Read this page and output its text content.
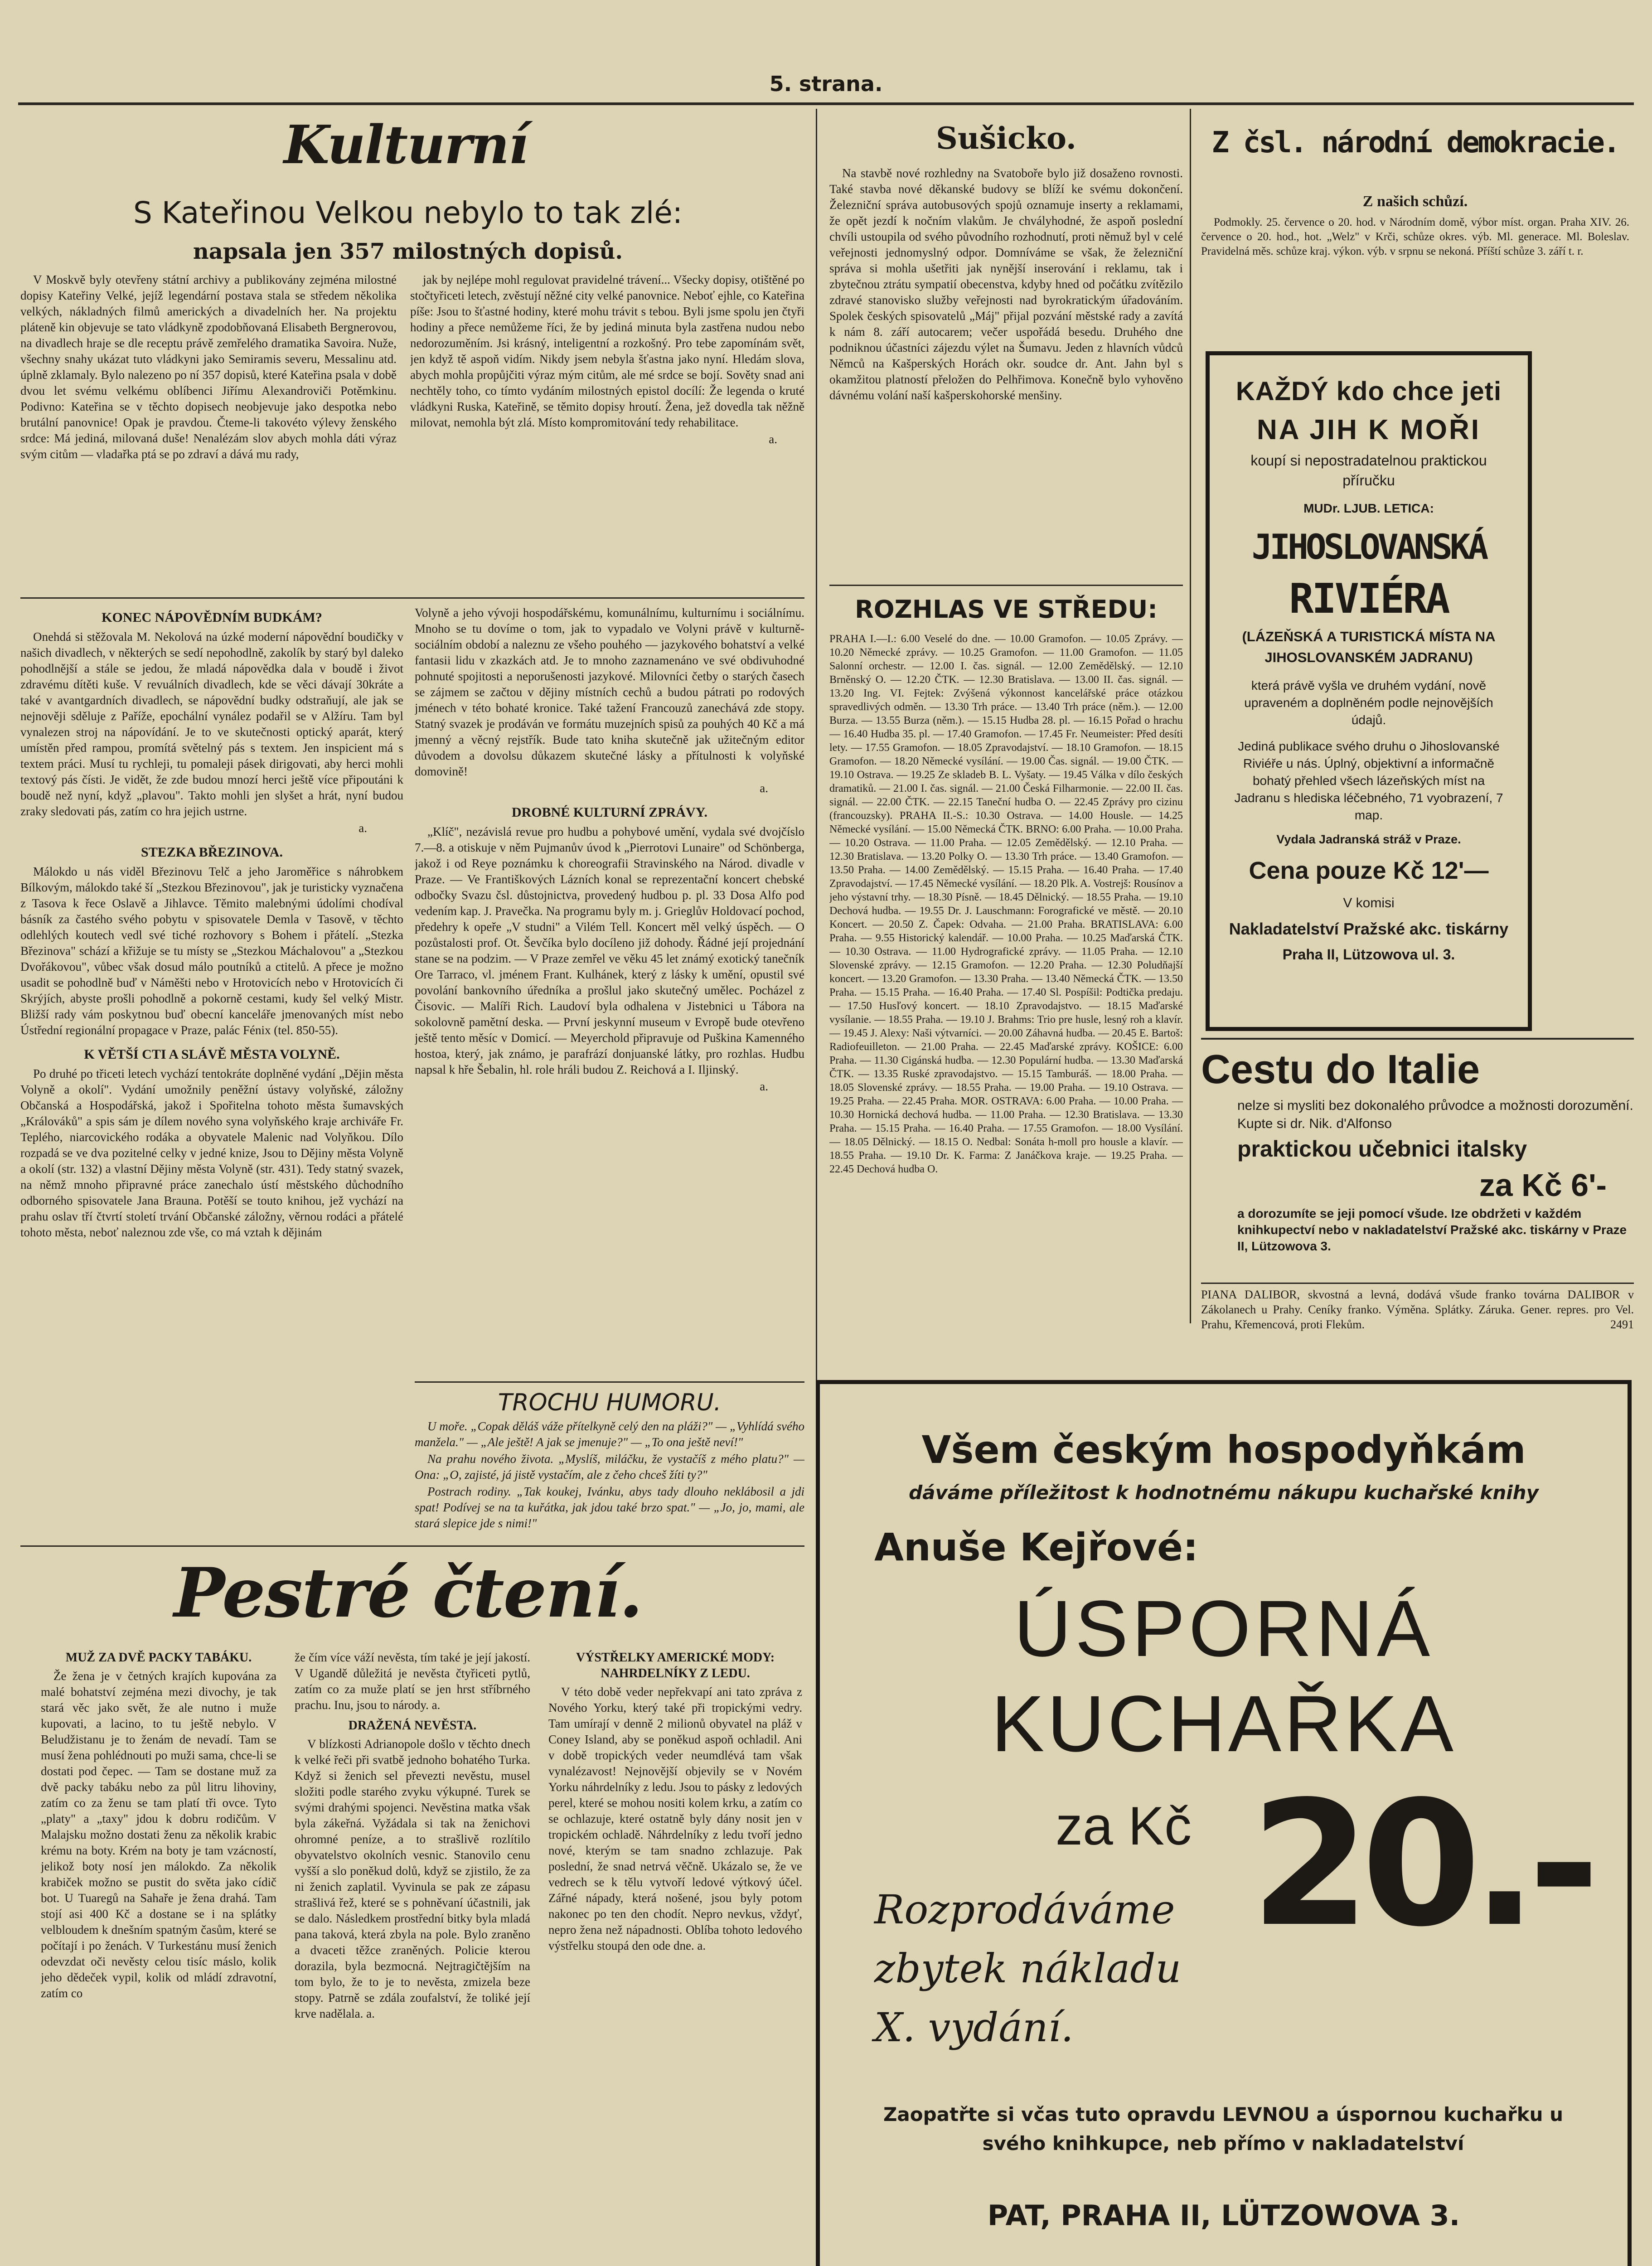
5. strana.
Kulturní
S Kateřinou Velkou nebylo to tak zlé:
napsala jen 357 milostných dopisů.

V Moskvě byly otevřeny státní archivy a publikovány zejména milostné dopisy Kateřiny Velké, jejíž legendární postava stala se středem několika velkých, nákladných filmů amerických a divadelních her. Na projektu pláteně kin objevuje se tato vládkyně zpodobňovaná Elisabeth Bergnerovou, na divadlech hraje se dle receptu právě zemřelého dramatika Savoira. Nuže, všechny snahy ukázat tuto vládkyni jako Semiramis severu, Messalinu atd. úplně zklamaly. Bylo nalezeno po ní 357 dopisů, které Kateřina psala v době dvou let svému velkému oblíbenci Jiřímu Alexandroviči Potěmkinu. Podivno: Kateřina se v těchto dopisech neobjevuje jako despotka nebo brutální panovnice! Opak je pravdou. Čteme-li takovéto výlevy ženského srdce: Má jediná, milovaná duše! Nenalézám slov abych mohla dáti výraz svým citům — vladařka ptá se po zdraví a dává mu rady,

jak by nejlépe mohl regulovat pravidelné trávení... Všecky dopisy, otištěné po stočtyřiceti letech, zvěstují něžné city velké panovnice. Neboť ejhle, co Kateřina píše: Jsou to šťastné hodiny, které mohu trávit s tebou. Byli jsme spolu jen čtyři hodiny a přece nemůžeme říci, že by jediná minuta byla zastřena nudou nebo nedorozuměním. Jsi krásný, inteligentní a rozkošný. Pro tebe zapomínám svět, jen když tě aspoň vidím. Nikdy jsem nebyla šťastna jako nyní. Hledám slova, abych mohla propůjčiti výraz mým citům, ale mé srdce se bojí. Sověty snad ani nechtěly toho, co tímto vydáním milostných epistol docílí: Že legenda o kruté vládkyni Ruska, Kateřině, se těmito dopisy hroutí. Žena, jež dovedla tak něžně milovat, nemohla být zlá. Místo kompromitování tedy rehabilitace.

a.
KONEC NÁPOVĚDNÍM BUDKÁM?

Onehdá si stěžovala M. Nekolová na úzké moderní nápovědní boudičky v našich divadlech, v některých se sedí nepohodlně, zakolík by starý byl daleko pohodlnější a stále se jedou, že mladá nápovědka dala v boudě i život zdravému dítěti kuše. V revuálních divadlech, kde se věci dávají 30kráte a také v avantgardních divadlech, se nápovědní budky odstraňují, ale jak se nejnověji sděluje z Paříže, epochální vynález podařil se v Alžíru. Tam byl vynalezen stroj na nápovídání. Je to ve skutečnosti optický aparát, který umístěn před rampou, promítá světelný pás s textem. Jen inspicient má s textem práci. Musí tu rychleji, tu pomaleji pásek dirigovati, aby herci mohli textový pás čísti. Je vidět, že zde budou mnozí herci ještě více připoutáni k boudě než nyní, když „plavou". Takto mohli jen slyšet a hrát, nyní budou zraky sledovati pás, zatím co hra jejich ustrne.

a.
STEZKA BŘEZINOVA.

Málokdo u nás viděl Březinovu Telč a jeho Jaroměřice s náhrobkem Bílkovým, málokdo také ší „Stezkou Březinovou", jak je turisticky vyznačena z Tasova k řece Oslavě a Jihlavce. Těmito malebnými údolími chodíval básník za častého svého pobytu v spisovatele Demla v Tasově, v těchto odlehlých koutech vedl své tiché rozhovory s Bohem i přátelí. „Stezka Březinova" schází a křižuje se tu místy se „Stezkou Máchalovou" a „Stezkou Dvořákovou", vůbec však dosud málo poutníků a ctitelů. A přece je možno usadit se pohodlně buď v Náměšti nebo v Hrotovicích nebo v Hrotovicích či Skrýjích, abyste prošli pohodlně a pokorně cestami, kudy šel velký Mistr. Bližší rady vám poskytnou buď obecní kanceláře jmenovaných míst nebo Ústřední regionální propagace v Praze, palác Fénix (tel. 850-55).

K VĚTŠÍ CTI A SLÁVĚ MĚSTA VOLYNĚ.

Po druhé po třiceti letech vychází tentokráte doplněné vydání „Dějin města Volyně a okolí". Vydání umožnily peněžní ústavy volyňské, záložny Občanská a Hospodářská, jakož i Spořitelna tohoto města šumavských „Králováků" a spis sám je dílem nového syna volyňského kraje archiváře Fr. Teplého, niarcovického rodáka a obyvatele Malenic nad Volyňkou. Dílo rozpadá se ve dva pozitelné celky v jedné knize, Jsou to Dějiny města Volyně a okolí (str. 132) a vlastní Dějiny města Volyně (str. 431). Tedy statný svazek, na němž mnoho připravné práce zanechalo ústí městského důchodního odborného spisovatele Jana Brauna. Potěší se touto knihou, jež vychází na prahu oslav tří čtvrtí století trvání Občanské záložny, věrnou rodáci a přátelé tohoto města, neboť naleznou zde vše, co má vztah k dějinám

Volyně a jeho vývoji hospodářskému, komunálnímu, kulturnímu i sociálnímu. Mnoho se tu dovíme o tom, jak to vypadalo ve Volyni právě v kulturně-sociálním období a naleznu ze všeho pouhého — jazykového bohatství a velké fantasii lidu v zkazkách atd. Je to mnoho zaznamenáno ve své obdivuhodné pohnuté spojitosti a neporušenosti jazykové. Milovníci četby o starých časech se zájmem se začtou v dějiny místních cechů a budou pátrati po rodových jménech v této bohaté kronice. Také tažení Francouzů zanechává zde stopy. Statný svazek je prodáván ve formátu muzejních spisů za pouhých 40 Kč a má jmenný a věcný rejstřík. Bude tato kniha skutečně jak užitečným editor důvodem a dovolsu důkazem skutečné lásky a přítulnosti k volyňské domovině!

a.
DROBNÉ KULTURNÍ ZPRÁVY.

„Klíč", nezávislá revue pro hudbu a pohybové umění, vydala své dvojčíslo 7.—8. a otiskuje v něm Pujmanův úvod k „Pierrotovi Lunaire" od Schönberga, jakož i od Reye poznámku k choreografii Stravinského na Národ. divadle v Praze. — Ve Františkových Lázních konal se reprezentační koncert chebské odbočky Svazu čsl. důstojnictva, provedený hudbou p. pl. 33 Dosa Alfo pod vedením kap. J. Pravečka. Na programu byly m. j. Grieglův Holdovací pochod, předehry k opeře „V studni" a Vilém Tell. Koncert měl velký úspěch. — O pozůstalosti prof. Ot. Ševčíka bylo docíleno již dohody. Řádné její projednání stane se na podzim. — V Praze zemřel ve věku 45 let známý exotický tanečník Ore Tarraco, vl. jménem Frant. Kulhánek, který z lásky k umění, opustil své povolání bankovního úředníka a prošlul jako skutečný umělec. Pocházel z Čisovic. — Malíři Rich. Laudoví byla odhalena v Jistebnici u Tábora na sokolovně pamětní deska. — První jeskynní museum v Evropě bude otevřeno ještě tento měsíc v Domicí. — Meyerchold připravuje od Puškina Kamenného hostoa, který, jak známo, je parafrází donjuanské látky, pro rozhlas. Hudbu napsal k hře Šebalin, hl. role hráli budou Z. Reichová a I. Iljinský.

a.
TROCHU HUMORU.

U moře. „Copak děláš váže přítelkyně celý den na pláži?" — „Vyhlídá svého manžela." — „Ale ještě! A jak se jmenuje?" — „To ona ještě neví!"

Na prahu nového života. „Myslíš, miláčku, že vystačíš z mého platu?" — Ona: „O, zajisté, já jistě vystačím, ale z čeho chceš žíti ty?"

Postrach rodiny. „Tak koukej, Ivánku, abys tady dlouho neklábosil a jdi spat! Podívej se na ta kuřátka, jak jdou také brzo spat." — „Jo, jo, mami, ale stará slepice jde s nimi!"

Pestré čtení.
MUŽ ZA DVĚ PACKY TABÁKU.

Že žena je v četných krajích kupována za malé bohatství zejména mezi divochy, je tak stará věc jako svět, že ale nutno i muže kupovati, a lacino, to tu ještě nebylo. V Beludžistanu je to ženám de nevadí. Tam se musí žena pohlédnouti po muži sama, chce-li se dostati pod čepec. — Tam se dostane muž za dvě packy tabáku nebo za půl litru lihoviny, zatím co za ženu se tam platí tři ovce. Tyto „platy" a „taxy" jdou k dobru rodičům. V Malajsku možno dostati ženu za několik krabic krému na boty. Krém na boty je tam vzácností, jelikož boty nosí jen málokdo. Za několik krabiček možno se pustit do světa jako cídič bot. U Tuaregů na Sahaře je žena drahá. Tam stojí asi 400 Kč a dostane se i na splátky velbloudem k dnešním spatným časům, které se počítají i po ženách. V Turkestánu musí ženich odevzdat oči nevěsty celou tisíc máslo, kolik jeho dědeček vypil, kolik od mládí zdravotní, zatím co

že čím více váží nevěsta, tím také je její jakostí. V Ugandě důležitá je nevěsta čtyřiceti pytlů, zatím co za muže platí se jen hrst stříbrného prachu. Inu, jsou to národy. a.

DRAŽENÁ NEVĚSTA.

V blízkosti Adrianopole došlo v těchto dnech k velké řeči při svatbě jednoho bohatého Turka. Když si ženich sel převezti nevěstu, musel složiti podle starého zvyku výkupné. Turek se svými drahými spojenci. Nevěstina matka však byla zákeřná. Vyžádala si tak na ženichovi ohromné peníze, a to strašlivě rozlítilo obyvatelstvo okolních vesnic. Stanovilo cenu vyšší a slo poněkud dolů, když se zjistilo, že za ni ženich zaplatil. Vyvinula se pak ze zápasu strašlivá řež, které se s pohněvaní účastnili, jak se dalo. Následkem prostřední bitky byla mladá pana taková, která zbyla na pole. Bylo zraněno a dvaceti těžce zraněných. Policie kterou dorazila, byla bezmocná. Nejtragičtějším na tom bylo, že to je to nevěsta, zmizela beze stopy. Patrně se zdála zoufalství, že toliké její krve nadělala. a.

VÝSTŘELKY AMERICKÉ MODY: NAHRDELNÍKY Z LEDU.

V této době veder nepřekvapí ani tato zpráva z Nového Yorku, který také při tropickými vedry. Tam umírají v denně 2 milionů obyvatel na pláž v Coney Island, aby se poněkud aspoň ochladil. Ani v době tropických veder neumdlévá tam však vynalézavost! Nejnovější objevily se v Novém Yorku náhrdelníky z ledu. Jsou to pásky z ledových perel, které se mohou nositi kolem krku, a zatím co se ochlazuje, které ostatně byly dány nosit jen v tropickém ochladě. Náhrdelníky z ledu tvoří jedno nové, kterým se tam snadno zchlazuje. Pak poslední, že snad netrvá věčně. Ukázalo se, že ve vedrech se k tělu vytvoří ledové výtkový účel. Zářné nápady, která nošené, jsou byly potom nakonec po ten den chodít. Nepro nevkus, vždyť, nepro žena než nápadnosti. Oblíba tohoto ledového výstřelku stoupá den ode dne. a.

Sušicko.

Na stavbě nové rozhledny na Svatoboře bylo již dosaženo rovnosti. Také stavba nové děkanské budovy se blíží ke svému dokončení. Železniční správa autobusových spojů oznamuje inserty a reklamami, že opět jezdí k nočním vlakům. Je chvályhodné, že aspoň poslední chvíli ustoupila od svého původního rozhodnutí, proti němuž byl v celé veřejnosti jednomyslný odpor. Domníváme se však, že železniční správa si mohla ušetřiti jak nynější inserování i reklamu, tak i zbytečnou ztrátu sympatií obecenstva, kdyby hned od počátku zvítězilo zdravé stanovisko služby veřejnosti nad byrokratickým úřadováním. Spolek českých spisovatelů „Máj" přijal pozvání městské rady a zavítá k nám 8. září autocarem; večer uspořádá besedu. Druhého dne podniknou účastníci zájezdu výlet na Šumavu. Jeden z hlavních vůdců Němců na Kašperských Horách okr. soudce dr. Ant. Jahn byl s okamžitou platností přeložen do Pelhřimova. Konečně bylo vyhověno dávnému volání naší kašperskohorské menšiny.

ROZHLAS VE STŘEDU:

PRAHA I.—I.: 6.00 Veselé do dne. — 10.00 Gramofon. — 10.05 Zprávy. — 10.20 Německé zprávy. — 10.25 Gramofon. — 11.00 Gramofon. — 11.05 Salonní orchestr. — 12.00 I. čas. signál. — 12.00 Zemědělský. — 12.10 Brněnský O. — 12.20 ČTK. — 12.30 Bratislava. — 13.00 II. čas. signál. — 13.20 Ing. VI. Fejtek: Zvýšená výkonnost kancelářské práce otázkou spravedlivých odměn. — 13.30 Trh práce. — 13.40 Trh práce (něm.). — 12.00 Burza. — 13.55 Burza (něm.). — 15.15 Hudba 28. pl. — 16.15 Pořad o hrachu — 16.40 Hudba 35. pl. — 17.40 Gramofon. — 17.45 Fr. Neumeister: Před desíti lety. — 17.55 Gramofon. — 18.05 Zpravodajství. — 18.10 Gramofon. — 18.15 Gramofon. — 18.20 Německé vysílání. — 19.00 Čas. signál. — 19.00 ČTK. — 19.10 Ostrava. — 19.25 Ze skladeb B. L. Vyšaty. — 19.45 Válka v dílo českých dramatiků. — 21.00 I. čas. signál. — 21.00 Česká Filharmonie. — 22.00 II. čas. signál. — 22.00 ČTK. — 22.15 Taneční hudba O. — 22.45 Zprávy pro cizinu (francouzsky). PRAHA II.-S.: 10.30 Ostrava. — 14.00 Housle. — 14.25 Německé vysílání. — 15.00 Německá ČTK. BRNO: 6.00 Praha. — 10.00 Praha. — 10.20 Ostrava. — 11.00 Praha. — 12.05 Zemědělský. — 12.10 Praha. — 12.30 Bratislava. — 13.20 Polky O. — 13.30 Trh práce. — 13.40 Gramofon. — 13.50 Praha. — 14.00 Zemědělský. — 15.15 Praha. — 16.40 Praha. — 17.40 Zpravodajství. — 17.45 Německé vysílání. — 18.20 Plk. A. Vostrejš: Rousínov a jeho výstavní trhy. — 18.30 Písně. — 18.45 Dělnický. — 18.55 Praha. — 19.10 Dechová hudba. — 19.55 Dr. J. Lauschmann: Forografické ve městě. — 20.10 Koncert. — 20.50 Z. Čapek: Odvaha. — 21.00 Praha. BRATISLAVA: 6.00 Praha. — 9.55 Historický kalendář. — 10.00 Praha. — 10.25 Maďarská ČTK. — 10.30 Ostrava. — 11.00 Hydrografické zprávy. — 11.05 Praha. — 12.10 Slovenské zprávy. — 12.15 Gramofon. — 12.20 Praha. — 12.30 Poludňajší koncert. — 13.20 Gramofon. — 13.30 Praha. — 13.40 Německá ČTK. — 13.50 Praha. — 15.15 Praha. — 16.40 Praha. — 17.40 Sl. Pospíšil: Podtička predaju. — 17.50 Husľový koncert. — 18.10 Zpravodajstvo. — 18.15 Maďarské vysílanie. — 18.55 Praha. — 19.10 J. Brahms: Trio pre husle, lesný roh a klavír. — 19.45 J. Alexy: Naši výtvarníci. — 20.00 Záhavná hudba. — 20.45 E. Bartoš: Radiofeuilleton. — 21.00 Praha. — 22.45 Maďarské zprávy. KOŠICE: 6.00 Praha. — 11.30 Cigánská hudba. — 12.30 Populární hudba. — 13.30 Maďarská ČTK. — 13.35 Ruské zpravodajstvo. — 15.15 Tamburáš. — 18.00 Praha. — 18.05 Slovenské zprávy. — 18.55 Praha. — 19.00 Praha. — 19.10 Ostrava. — 19.25 Praha. — 22.45 Praha. MOR. OSTRAVA: 6.00 Praha. — 10.00 Praha. — 10.30 Hornická dechová hudba. — 11.00 Praha. — 12.30 Bratislava. — 13.30 Praha. — 15.15 Praha. — 16.40 Praha. — 17.55 Gramofon. — 18.00 Vysílání. — 18.05 Dělnický. — 18.15 O. Nedbal: Sonáta h-moll pro housle a klavír. — 18.55 Praha. — 19.10 Dr. K. Farma: Z Janáčkova kraje. — 19.25 Praha. — 22.45 Dechová hudba O.

Z čsl. národní demokracie.
Z našich schůzí.

Podmokly. 25. července o 20. hod. v Národním domě, výbor míst. organ. Praha XIV. 26. července o 20. hod., hot. „Welz" v Krči, schůze okres. výb. Ml. generace. Ml. Boleslav. Pravidelná měs. schůze kraj. výkon. výb. v srpnu se nekoná. Příští schůze 3. září t. r.

KAŽDÝ kdo chce jeti
NA JIH K MOŘI
koupí si nepostradatelnou praktickou příručku
MUDr. LJUB. LETICA:
JIHOSLOVANSKÁ
RIVIÉRA
(LÁZEŇSKÁ A TURISTICKÁ MÍSTA NA JIHOSLOVANSKÉM JADRANU)
která právě vyšla ve druhém vydání, nově upraveném a doplněném podle nejnovějších údajů.
Jediná publikace svého druhu o Jihoslovanské Riviéře u nás. Úplný, objektivní a informačně bohatý přehled všech lázeňských míst na Jadranu s hlediska léčebného, 71 vyobrazení, 7 map.
Vydala Jadranská stráž v Praze.
Cena pouze Kč 12'—
V komisi
Nakladatelství Pražské akc. tiskárny
Praha II, Lützowova ul. 3.
Cestu do Italie
nelze si mysliti bez dokonalého průvodce a možnosti dorozumění. Kupte si dr. Nik. d'Alfonso
praktickou učebnici italsky
za Kč 6'-
a dorozumíte se jeji pomocí všude. Ize obdržeti v každém knihkupectví nebo v nakladatelství Pražské akc. tiskárny v Praze II, Lützowova 3.

PIANA DALIBOR, skvostná a levná, dodává všude franko továrna DALIBOR v Zákolanech u Prahy. Ceníky franko. Výměna. Splátky. Záruka. Gener. repres. pro Vel. Prahu, Křemencová, proti Flekům.	2491

Všem českým hospodyňkám
dáváme příležitost k hodnotnému nákupu kuchařské knihy
Anuše Kejřové:
ÚSPORNÁ
KUCHAŘKA
za Kč 20.-
Rozprodáváme
zbytek nákladu
X. vydání.
Zaopatřte si včas tuto opravdu LEVNOU a úspornou kuchařku u svého knihkupce, neb přímo v nakladatelství
PAT, PRAHA II, LÜTZOWOVA 3.
